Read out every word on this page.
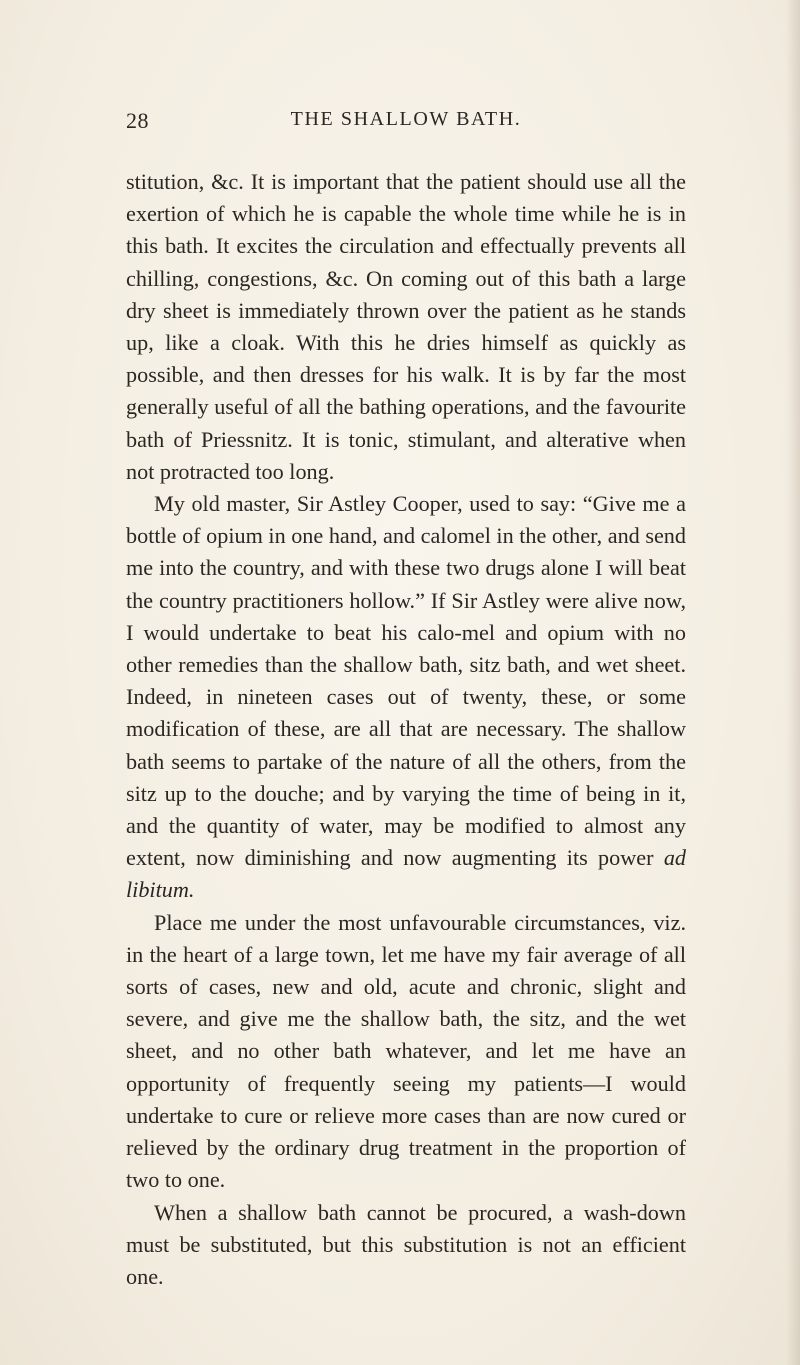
28	THE SHALLOW BATH.

stitution, &c. It is important that the patient should use all the exertion of which he is capable the whole time while he is in this bath. It excites the circulation and effectually prevents all chilling, congestions, &c. On coming out of this bath a large dry sheet is immediately thrown over the patient as he stands up, like a cloak. With this he dries himself as quickly as possible, and then dresses for his walk. It is by far the most generally useful of all the bathing operations, and the favourite bath of Priessnitz. It is tonic, stimulant, and alterative when not protracted too long.

My old master, Sir Astley Cooper, used to say: “Give me a bottle of opium in one hand, and calomel in the other, and send me into the country, and with these two drugs alone I will beat the country practitioners hollow.” If Sir Astley were alive now, I would undertake to beat his calo-mel and opium with no other remedies than the shallow bath, sitz bath, and wet sheet. Indeed, in nineteen cases out of twenty, these, or some modification of these, are all that are necessary. The shallow bath seems to partake of the nature of all the others, from the sitz up to the douche; and by varying the time of being in it, and the quantity of water, may be modified to almost any extent, now diminishing and now augmenting its power ad libitum.

Place me under the most unfavourable circumstances, viz. in the heart of a large town, let me have my fair average of all sorts of cases, new and old, acute and chronic, slight and severe, and give me the shallow bath, the sitz, and the wet sheet, and no other bath whatever, and let me have an opportunity of frequently seeing my patients—I would undertake to cure or relieve more cases than are now cured or relieved by the ordinary drug treatment in the proportion of two to one.

When a shallow bath cannot be procured, a wash-down must be substituted, but this substitution is not an efficient one.
